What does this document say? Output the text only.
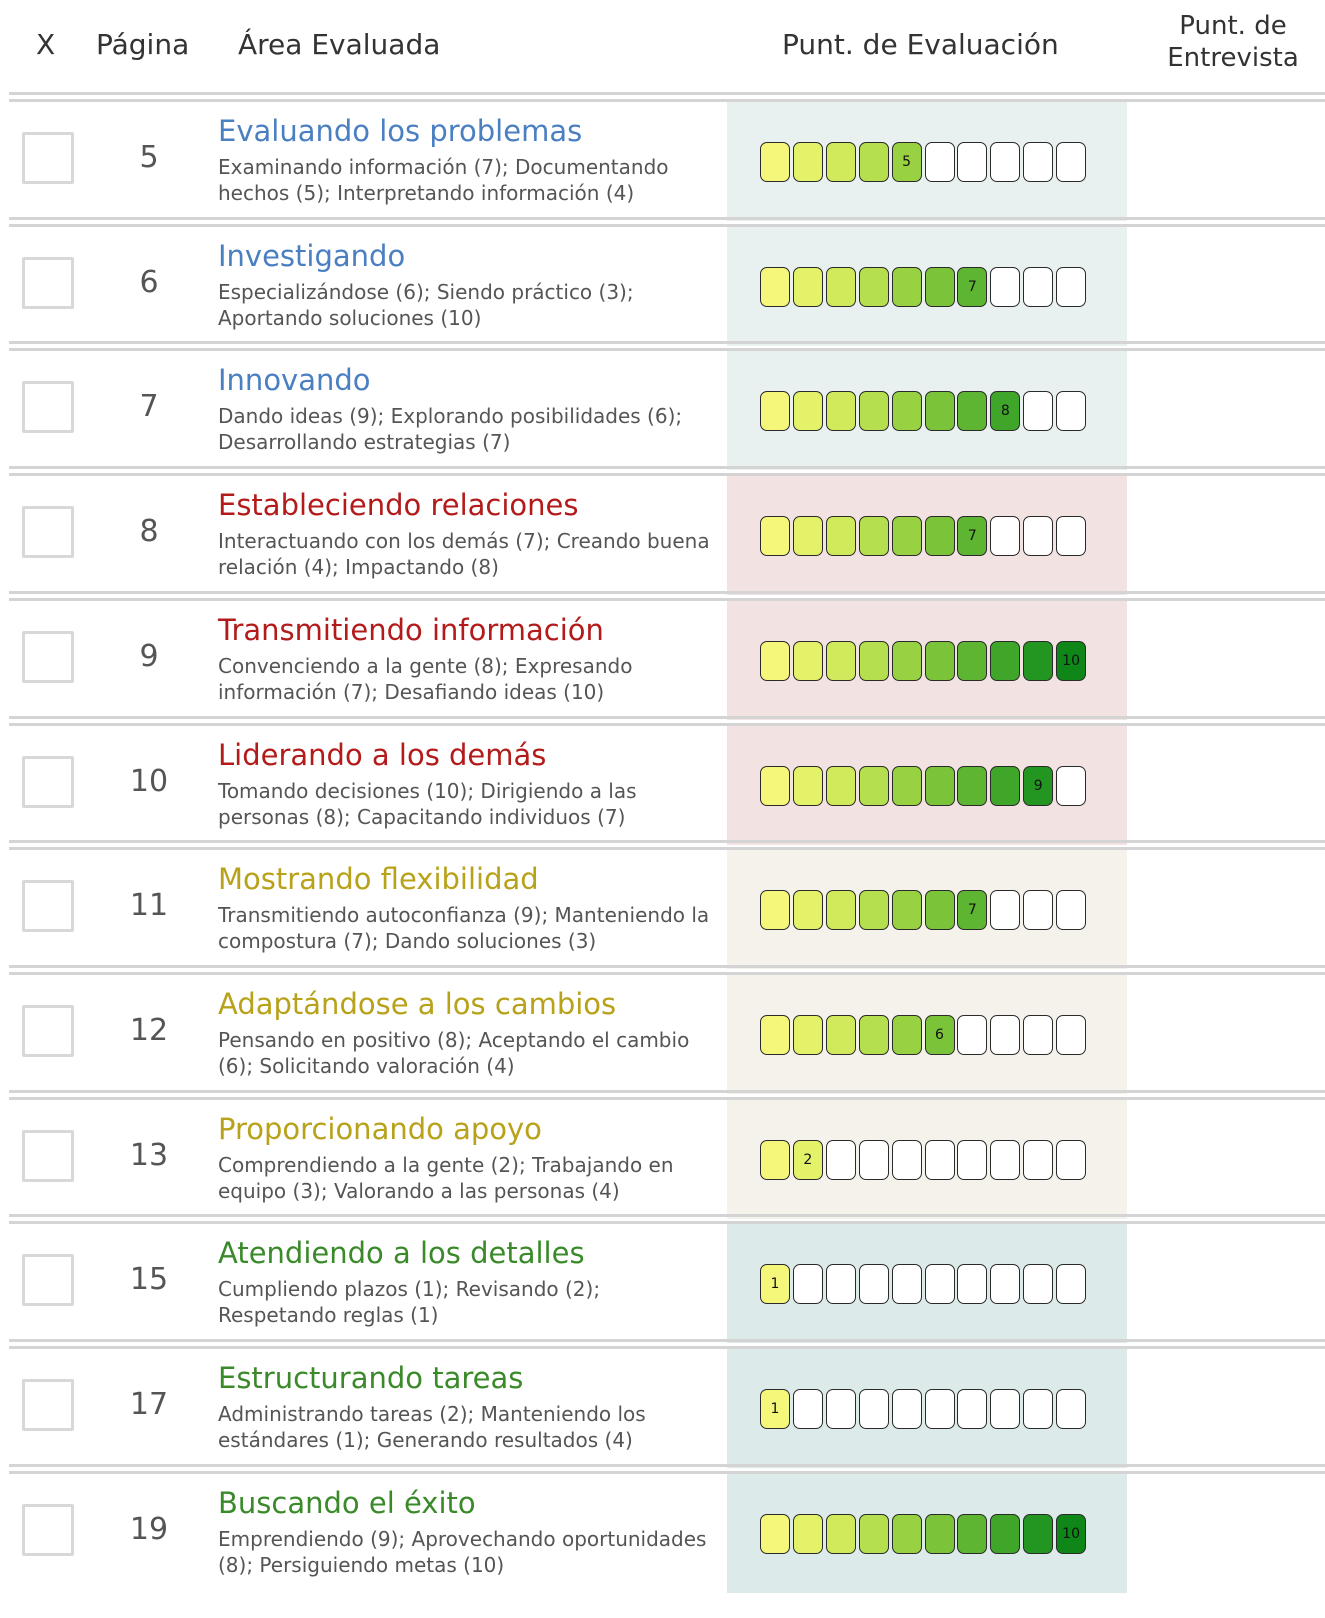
X Página Área Evaluada	Punt. de Evaluación
Punt. de
Entrevista
5
Evaluando los problemas
Examinando información (7); Documentando hechos (5); Interpretando información (4)
5
6
Investigando
Especializándose (6); Siendo práctico (3); Aportando soluciones (10)
7
7
Innovando
Dando ideas (9); Explorando posibilidades (6); Desarrollando estrategias (7)
8
8
Estableciendo relaciones
Interactuando con los demás (7); Creando buena relación (4); Impactando (8)
7
9
Transmitiendo información
Convenciendo a la gente (8); Expresando información (7); Desafiando ideas (10)
10
10
Liderando a los demás
Tomando decisiones (10); Dirigiendo a las personas (8); Capacitando individuos (7)
9
11
Mostrando flexibilidad
Transmitiendo autoconfianza (9); Manteniendo la compostura (7); Dando soluciones (3)
7
12
Adaptándose a los cambios
Pensando en positivo (8); Aceptando el cambio (6); Solicitando valoración (4)
6
13
Proporcionando apoyo
Comprendiendo a la gente (2); Trabajando en equipo (3); Valorando a las personas (4)
2
15
Atendiendo a los detalles
Cumpliendo plazos (1); Revisando (2); Respetando reglas (1)
1
17
Estructurando tareas
Administrando tareas (2); Manteniendo los estándares (1); Generando resultados (4)
1
19
Buscando el éxito
Emprendiendo (9); Aprovechando oportunidades (8); Persiguiendo metas (10)
10
